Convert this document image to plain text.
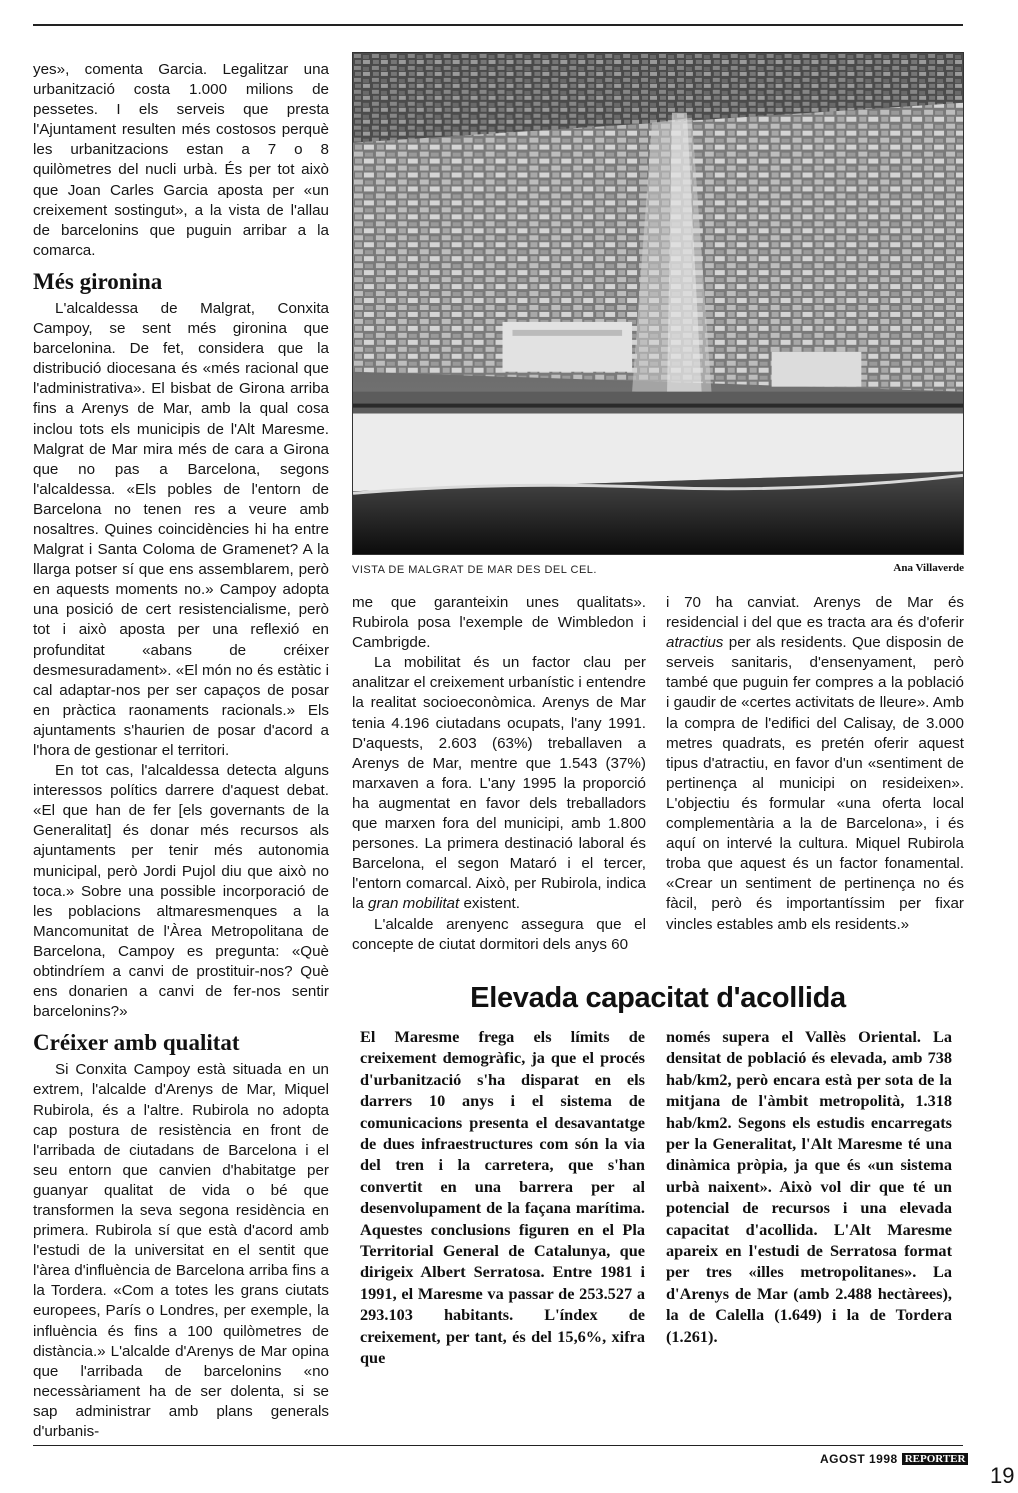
yes», comenta Garcia. Legalitzar una urbanització costa 1.000 milions de pessetes. I els serveis que presta l'Ajuntament resulten més costosos perquè les urbanitzacions estan a 7 o 8 quilòmetres del nucli urbà. És per tot això que Joan Carles Garcia aposta per «un creixement sostingut», a la vista de l'allau de barcelonins que puguin arribar a la comarca.

Més gironina

L'alcaldessa de Malgrat, Conxita Campoy, se sent més gironina que barcelonina. De fet, considera que la distribució diocesana és «més racional que l'administrativa». El bisbat de Girona arriba fins a Arenys de Mar, amb la qual cosa inclou tots els municipis de l'Alt Maresme. Malgrat de Mar mira més de cara a Girona que no pas a Barcelona, segons l'alcaldessa. «Els pobles de l'entorn de Barcelona no tenen res a veure amb nosaltres. Quines coincidències hi ha entre Malgrat i Santa Coloma de Gramenet? A la llarga potser sí que ens assemblarem, però en aquests moments no.» Campoy adopta una posició de cert resistencialisme, però tot i això aposta per una reflexió en profunditat «abans de créixer desmesuradament». «El món no és estàtic i cal adaptar-nos per ser capaços de posar en pràctica raonaments racionals.» Els ajuntaments s'haurien de posar d'acord a l'hora de gestionar el territori.

En tot cas, l'alcaldessa detecta alguns interessos polítics darrere d'aquest debat. «El que han de fer [els governants de la Generalitat] és donar més recursos als ajuntaments per tenir més autonomia municipal, però Jordi Pujol diu que això no toca.» Sobre una possible incorporació de les poblacions altmaresmenques a la Mancomunitat de l'Àrea Metropolitana de Barcelona, Campoy es pregunta: «Què obtindríem a canvi de prostituir-nos? Què ens donarien a canvi de fer-nos sentir barcelonins?»

Créixer amb qualitat

Si Conxita Campoy està situada en un extrem, l'alcalde d'Arenys de Mar, Miquel Rubirola, és a l'altre. Rubirola no adopta cap postura de resistència en front de l'arribada de ciutadans de Barcelona i el seu entorn que canvien d'habitatge per guanyar qualitat de vida o bé que transformen la seva segona residència en primera. Rubirola sí que està d'acord amb l'estudi de la universitat en el sentit que l'àrea d'influència de Barcelona arriba fins a la Tordera. «Com a totes les grans ciutats europees, París o Londres, per exemple, la influència és fins a 100 quilòmetres de distància.» L'alcalde d'Arenys de Mar opina que l'arribada de barcelonins «no necessàriament ha de ser dolenta, si se sap administrar amb plans generals d'urbanis-

VISTA DE MALGRAT DE MAR DES DEL CEL.	Ana Villaverde

me que garanteixin unes qualitats». Rubirola posa l'exemple de Wimbledon i Cambrigde.

La mobilitat és un factor clau per analitzar el creixement urbanístic i entendre la realitat socioeconòmica. Arenys de Mar tenia 4.196 ciutadans ocupats, l'any 1991. D'aquests, 2.603 (63%) treballaven a Arenys de Mar, mentre que 1.543 (37%) marxaven a fora. L'any 1995 la proporció ha augmentat en favor dels treballadors que marxen fora del municipi, amb 1.800 persones. La primera destinació laboral és Barcelona, el segon Mataró i el tercer, l'entorn comarcal. Això, per Rubirola, indica la gran mobilitat existent.

L'alcalde arenyenc assegura que el concepte de ciutat dormitori dels anys 60

i 70 ha canviat. Arenys de Mar és residencial i del que es tracta ara és d'oferir atractius per als residents. Que disposin de serveis sanitaris, d'ensenyament, però també que puguin fer compres a la població i gaudir de «certes activitats de lleure». Amb la compra de l'edifici del Calisay, de 3.000 metres quadrats, es pretén oferir aquest tipus d'atractiu, en favor d'un «sentiment de pertinença al municipi on resideixen». L'objectiu és formular «una oferta local complementària a la de Barcelona», i és aquí on intervé la cultura. Miquel Rubirola troba que aquest és un factor fonamental. «Crear un sentiment de pertinença no és fàcil, però és importantíssim per fixar vincles estables amb els residents.»

Elevada capacitat d'acollida

El Maresme frega els límits de creixement demogràfic, ja que el procés d'urbanització s'ha disparat en els darrers 10 anys i el sistema de comunicacions presenta el desavantatge de dues infraestructures com són la via del tren i la carretera, que s'han convertit en una barrera per al desenvolupament de la façana marítima. Aquestes conclusions figuren en el Pla Territorial General de Catalunya, que dirigeix Albert Serratosa. Entre 1981 i 1991, el Maresme va passar de 253.527 a 293.103 habitants. L'índex de creixement, per tant, és del 15,6%, xifra que

només supera el Vallès Oriental. La densitat de població és elevada, amb 738 hab/km2, però encara està per sota de la mitjana de l'àmbit metropolità, 1.318 hab/km2. Segons els estudis encarregats per la Generalitat, l'Alt Maresme té una dinàmica pròpia, ja que és «un sistema urbà naixent». Això vol dir que té un potencial de recursos i una elevada capacitat d'acollida. L'Alt Maresme apareix en l'estudi de Serratosa format per tres «illes metropolitanes». La d'Arenys de Mar (amb 2.488 hectàrees), la de Calella (1.649) i la de Tordera (1.261).

AGOST 1998 REPORTER
19
